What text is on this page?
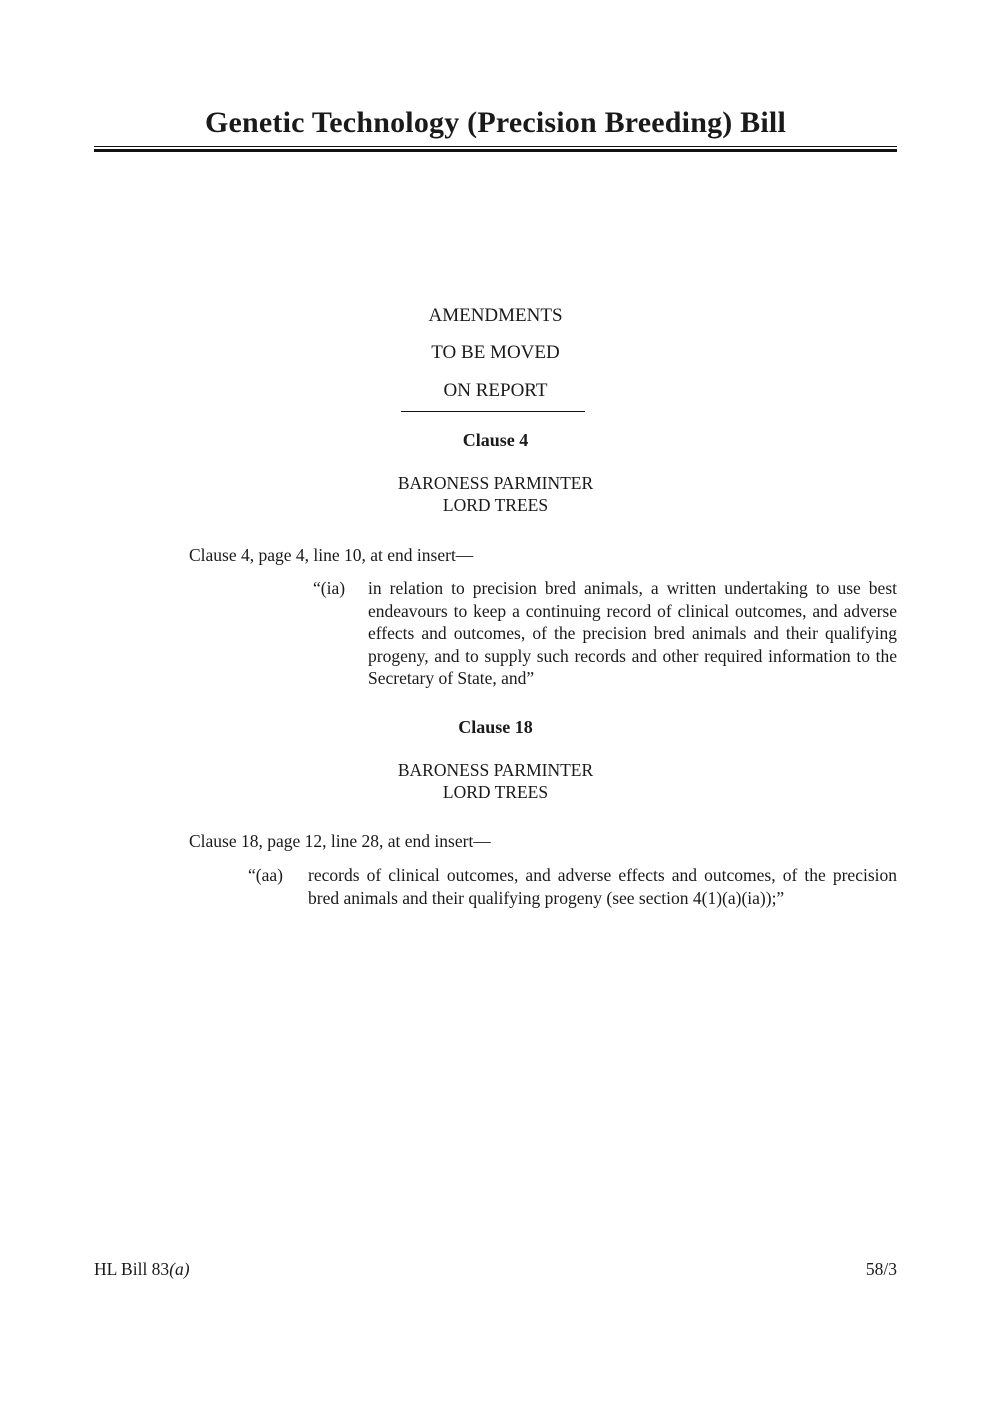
Genetic Technology (Precision Breeding) Bill
AMENDMENTS
TO BE MOVED
ON REPORT
Clause 4
BARONESS PARMINTER
LORD TREES
Clause 4, page 4, line 10, at end insert—
“(ia) in relation to precision bred animals, a written undertaking to use best endeavours to keep a continuing record of clinical outcomes, and adverse effects and outcomes, of the precision bred animals and their qualifying progeny, and to supply such records and other required information to the Secretary of State, and”
Clause 18
BARONESS PARMINTER
LORD TREES
Clause 18, page 12, line 28, at end insert—
“(aa) records of clinical outcomes, and adverse effects and outcomes, of the precision bred animals and their qualifying progeny (see section 4(1)(a)(ia));”
HL Bill 83(a)	58/3
